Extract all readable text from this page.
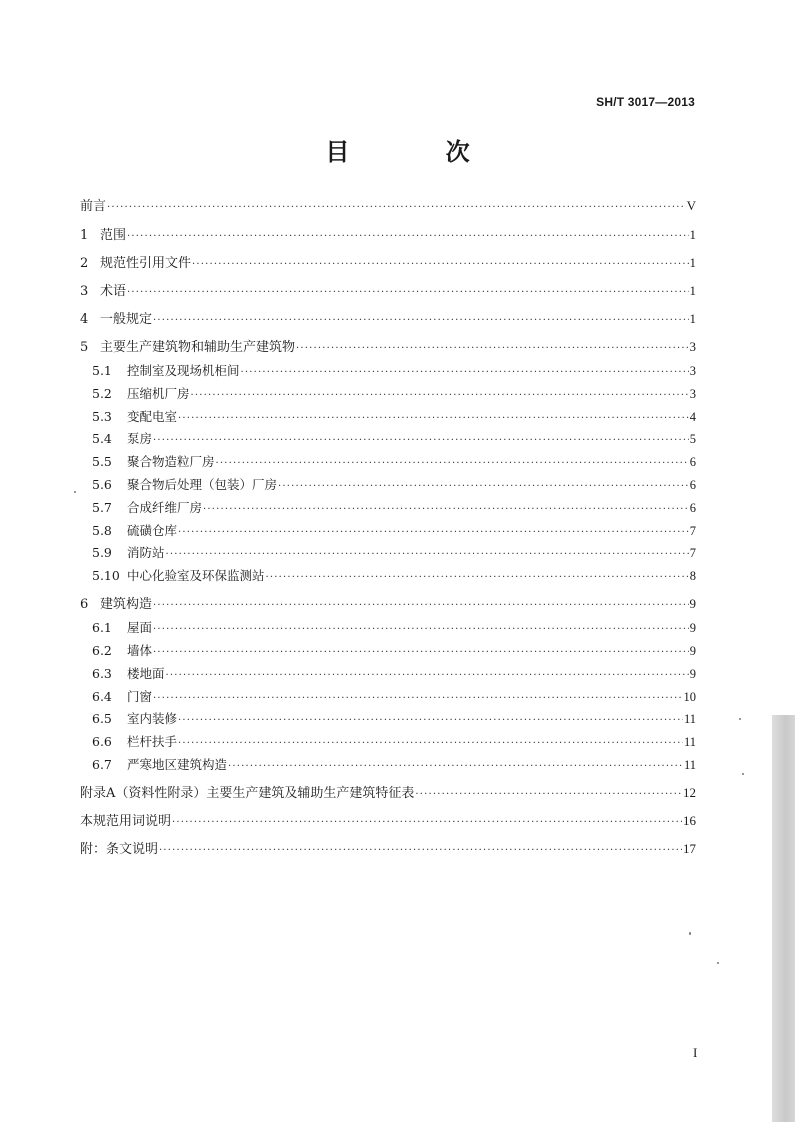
SH/T 3017—2013
目 次
前言 ·····	V
1 范围 ·····	1
2 规范性引用文件 ·····	1
3 术语 ·····	1
4 一般规定 ·····	1
5 主要生产建筑物和辅助生产建筑物 ·····	3
5.1	控制室及现场机柜间 ·····	3
5.2	压缩机厂房 ·····	3
5.3	变配电室 ·····	4
5.4	泵房 ·····	5
5.5	聚合物造粒厂房 ·····	6
5.6	聚合物后处理（包装）厂房 ·····	6
5.7	合成纤维厂房 ·····	6
5.8	硫磺仓库 ·····	7
5.9	消防站 ·····	7
5.10 中心化验室及环保监测站 ·····	8
6 建筑构造 ·····	9
6.1	屋面 ·····	9
6.2	墙体 ·····	9
6.3	楼地面 ·····	9
6.4	门窗 ·····	10
6.5	室内装修 ·····	11
6.6	栏杆扶手 ·····	11
6.7	严寒地区建筑构造 ·····	11
附录A（资料性附录）主要生产建筑及辅助生产建筑特征表 ·····	12
本规范用词说明 ·····	16
附：条文说明 ·····	17
I
